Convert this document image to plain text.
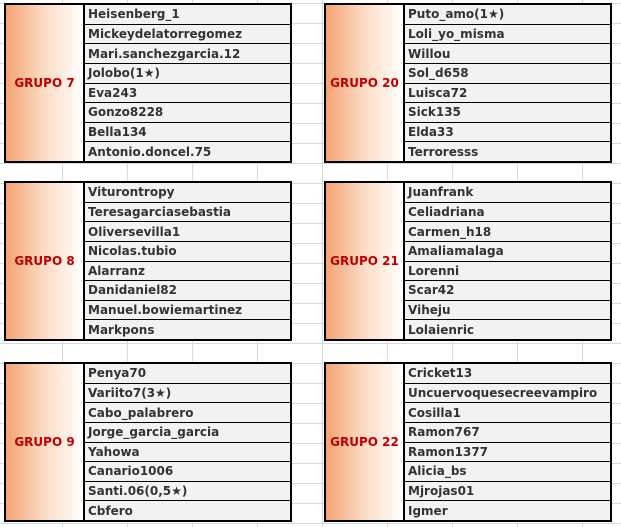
GRUPO 7
Heisenberg_1
Mickeydelatorregomez
Mari.sanchezgarcia.12
Jolobo(1★)
Eva243
Gonzo8228
Bella134
Antonio.doncel.75
GRUPO 20
Puto_amo(1★)
Loli_yo_misma
Willou
Sol_d658
Luisca72
Sick135
Elda33
Terroresss
GRUPO 8
Viturontropy
Teresagarciasebastia
Oliversevilla1
Nicolas.tubio
Alarranz
Danidaniel82
Manuel.bowiemartinez
Markpons
GRUPO 21
Juanfrank
Celiadriana
Carmen_h18
Amaliamalaga
Lorenni
Scar42
Viheju
Lolaienric
GRUPO 9
Penya70
Variito7(3★)
Cabo_palabrero
Jorge_garcia_garcia
Yahowa
Canario1006
Santi.06(0,5★)
Cbfero
GRUPO 22
Cricket13
Uncuervoquesecreevampiro
Cosilla1
Ramon767
Ramon1377
Alicia_bs
Mjrojas01
Igmer
